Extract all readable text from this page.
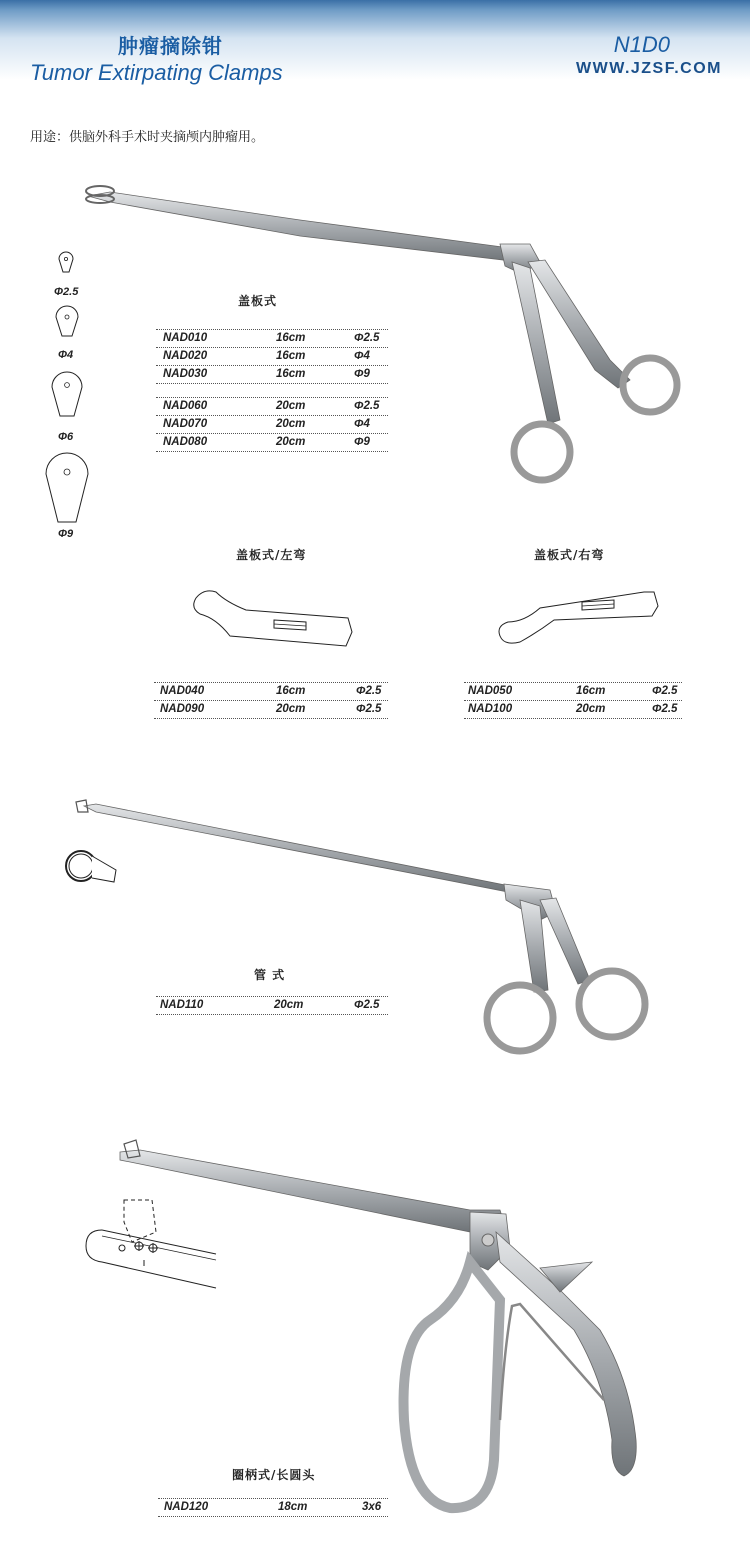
肿瘤摘除钳
Tumor Extirpating Clamps
N1D0
WWW.JZSF.COM
用途：供脑外科手术时夹摘颅内肿瘤用。
Φ2.5
Φ4
Φ6
Φ9
盖板式
NAD010	16cm	Φ2.5
NAD020	16cm	Φ4
NAD030	16cm	Φ9
NAD060	20cm	Φ2.5
NAD070	20cm	Φ4
NAD080	20cm	Φ9
盖板式/左弯
NAD040	16cm	Φ2.5
NAD090	20cm	Φ2.5
盖板式/右弯
NAD050	16cm	Φ2.5
NAD100	20cm	Φ2.5
管 式
NAD110	20cm	Φ2.5
圈柄式/长圆头
NAD120	18cm	3x6
